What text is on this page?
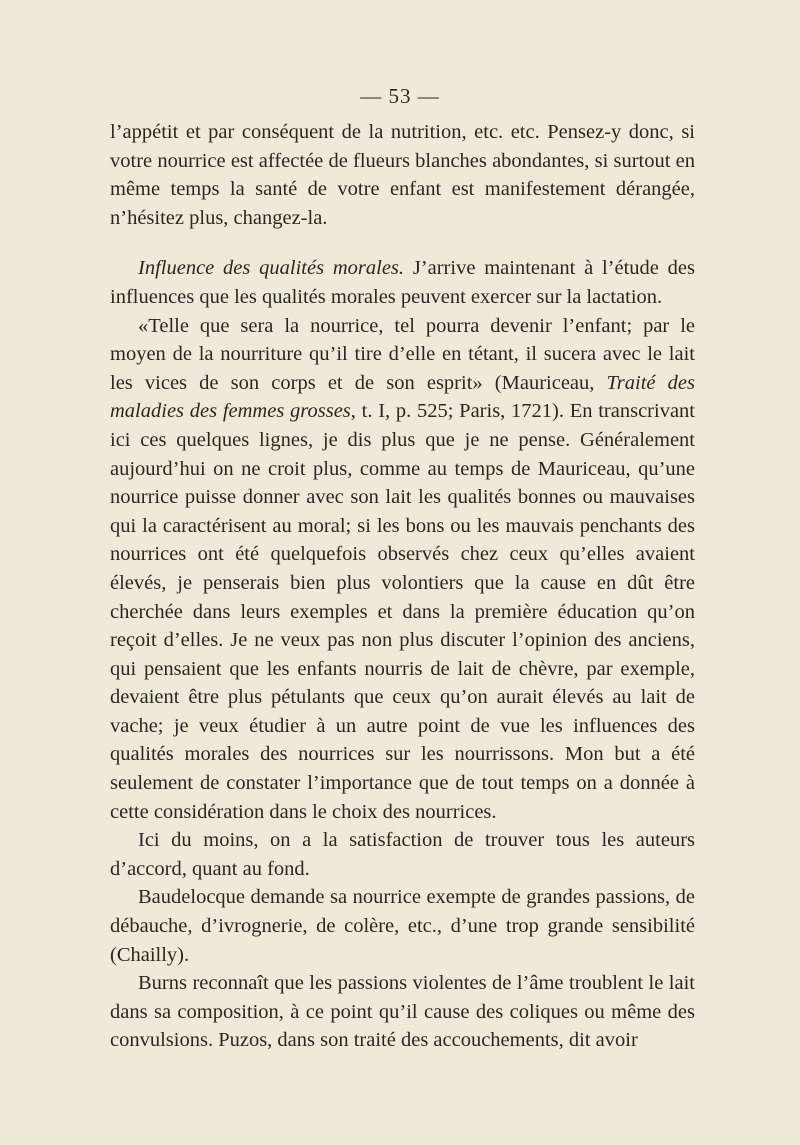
— 53 —

l’appétit et par conséquent de la nutrition, etc. etc. Pensez-y donc, si votre nourrice est affectée de flueurs blanches abondantes, si surtout en même temps la santé de votre enfant est manifestement dérangée, n’hésitez plus, changez-la.

Influence des qualités morales. J’arrive maintenant à l’étude des influences que les qualités morales peuvent exercer sur la lactation.

«Telle que sera la nourrice, tel pourra devenir l’enfant; par le moyen de la nourriture qu’il tire d’elle en tétant, il sucera avec le lait les vices de son corps et de son esprit» (Mauriceau, Traité des maladies des femmes grosses, t. I, p. 525; Paris, 1721). En transcrivant ici ces quelques lignes, je dis plus que je ne pense. Généralement aujourd’hui on ne croit plus, comme au temps de Mauriceau, qu’une nourrice puisse donner avec son lait les qualités bonnes ou mauvaises qui la caractérisent au moral; si les bons ou les mauvais penchants des nourrices ont été quelquefois observés chez ceux qu’elles avaient élevés, je penserais bien plus volontiers que la cause en dût être cherchée dans leurs exemples et dans la première éducation qu’on reçoit d’elles. Je ne veux pas non plus discuter l’opinion des anciens, qui pensaient que les enfants nourris de lait de chèvre, par exemple, devaient être plus pétulants que ceux qu’on aurait élevés au lait de vache; je veux étudier à un autre point de vue les influences des qualités morales des nourrices sur les nourrissons. Mon but a été seulement de constater l’importance que de tout temps on a donnée à cette considération dans le choix des nourrices.

Ici du moins, on a la satisfaction de trouver tous les auteurs d’accord, quant au fond.

Baudelocque demande sa nourrice exempte de grandes passions, de débauche, d’ivrognerie, de colère, etc., d’une trop grande sensibilité (Chailly).

Burns reconnaît que les passions violentes de l’âme troublent le lait dans sa composition, à ce point qu’il cause des coliques ou même des convulsions. Puzos, dans son traité des accouchements, dit avoir
